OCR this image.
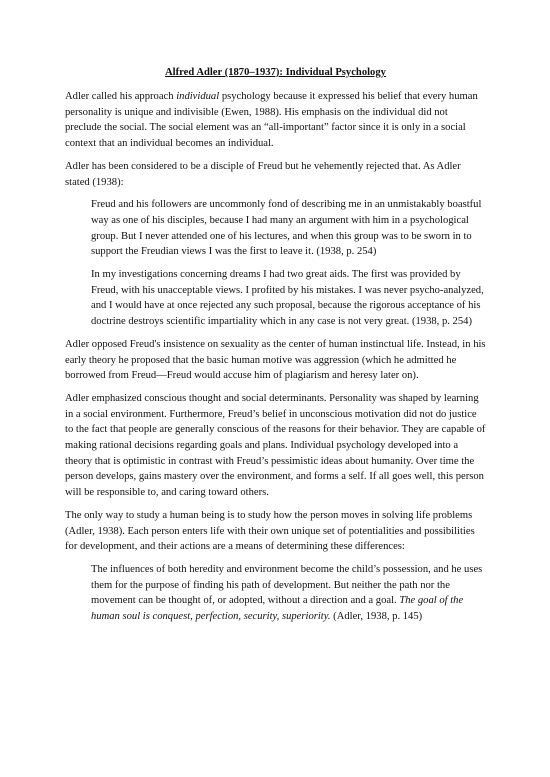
Alfred Adler (1870–1937): Individual Psychology

Adler called his approach individual psychology because it expressed his belief that every human personality is unique and indivisible (Ewen, 1988). His emphasis on the individual did not preclude the social. The social element was an “all-important” factor since it is only in a social context that an individual becomes an individual.

Adler has been considered to be a disciple of Freud but he vehemently rejected that. As Adler stated (1938):

Freud and his followers are uncommonly fond of describing me in an unmistakably boastful way as one of his disciples, because I had many an argument with him in a psychological group. But I never attended one of his lectures, and when this group was to be sworn in to support the Freudian views I was the first to leave it. (1938, p. 254)
In my investigations concerning dreams I had two great aids. The first was provided by Freud, with his unacceptable views. I profited by his mistakes. I was never psycho-analyzed, and I would have at once rejected any such proposal, because the rigorous acceptance of his doctrine destroys scientific impartiality which in any case is not very great. (1938, p. 254)

Adler opposed Freud's insistence on sexuality as the center of human instinctual life. Instead, in his early theory he proposed that the basic human motive was aggression (which he admitted he borrowed from Freud—Freud would accuse him of plagiarism and heresy later on).

Adler emphasized conscious thought and social determinants. Personality was shaped by learning in a social environment. Furthermore, Freud’s belief in unconscious motivation did not do justice to the fact that people are generally conscious of the reasons for their behavior. They are capable of making rational decisions regarding goals and plans. Individual psychology developed into a theory that is optimistic in contrast with Freud’s pessimistic ideas about humanity. Over time the person develops, gains mastery over the environment, and forms a self. If all goes well, this person will be responsible to, and caring toward others.

The only way to study a human being is to study how the person moves in solving life problems (Adler, 1938). Each person enters life with their own unique set of potentialities and possibilities for development, and their actions are a means of determining these differences:

The influences of both heredity and environment become the child’s possession, and he uses them for the purpose of finding his path of development. But neither the path nor the movement can be thought of, or adopted, without a direction and a goal. The goal of the human soul is conquest, perfection, security, superiority. (Adler, 1938, p. 145)
